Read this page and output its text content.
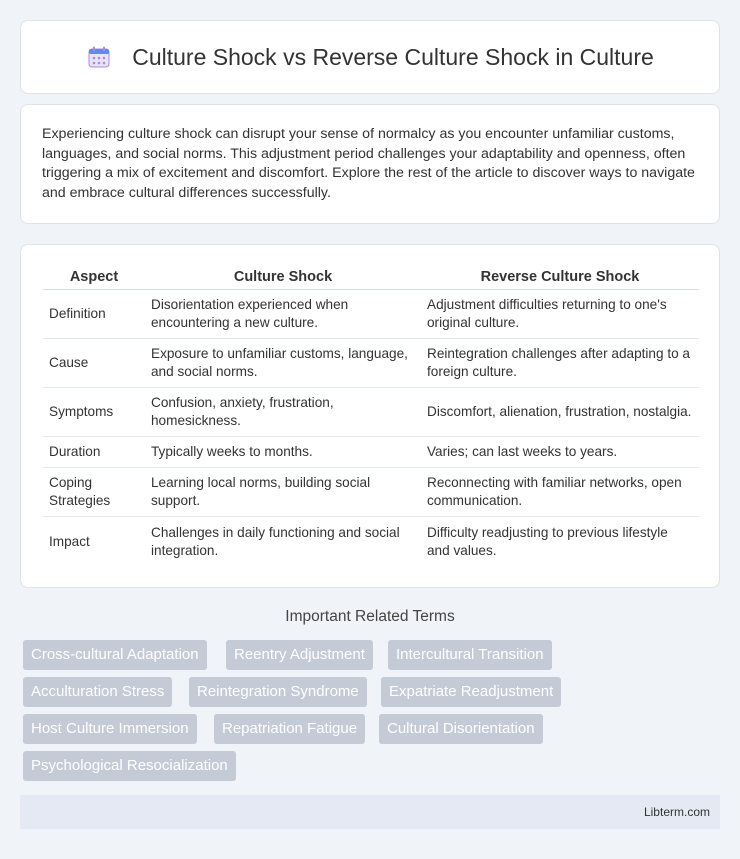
Culture Shock vs Reverse Culture Shock in Culture

Experiencing culture shock can disrupt your sense of normalcy as you encounter unfamiliar customs, languages, and social norms. This adjustment period challenges your adaptability and openness, often triggering a mix of excitement and discomfort. Explore the rest of the article to discover ways to navigate and embrace cultural differences successfully.

Aspect	Culture Shock	Reverse Culture Shock
Definition	Disorientation experienced when encountering a new culture.	Adjustment difficulties returning to one's original culture.
Cause	Exposure to unfamiliar customs, language, and social norms.	Reintegration challenges after adapting to a foreign culture.
Symptoms	Confusion, anxiety, frustration, homesickness.	Discomfort, alienation, frustration, nostalgia.
Duration	Typically weeks to months.	Varies; can last weeks to years.
Coping Strategies	Learning local norms, building social support.	Reconnecting with familiar networks, open communication.
Impact	Challenges in daily functioning and social integration.	Difficulty readjusting to previous lifestyle and values.
Important Related Terms
Cross-cultural Adaptation	Reentry Adjustment	Intercultural Transition
Acculturation Stress	Reintegration Syndrome	Expatriate Readjustment
Host Culture Immersion	Repatriation Fatigue	Cultural Disorientation
Psychological Resocialization
Libterm.com
